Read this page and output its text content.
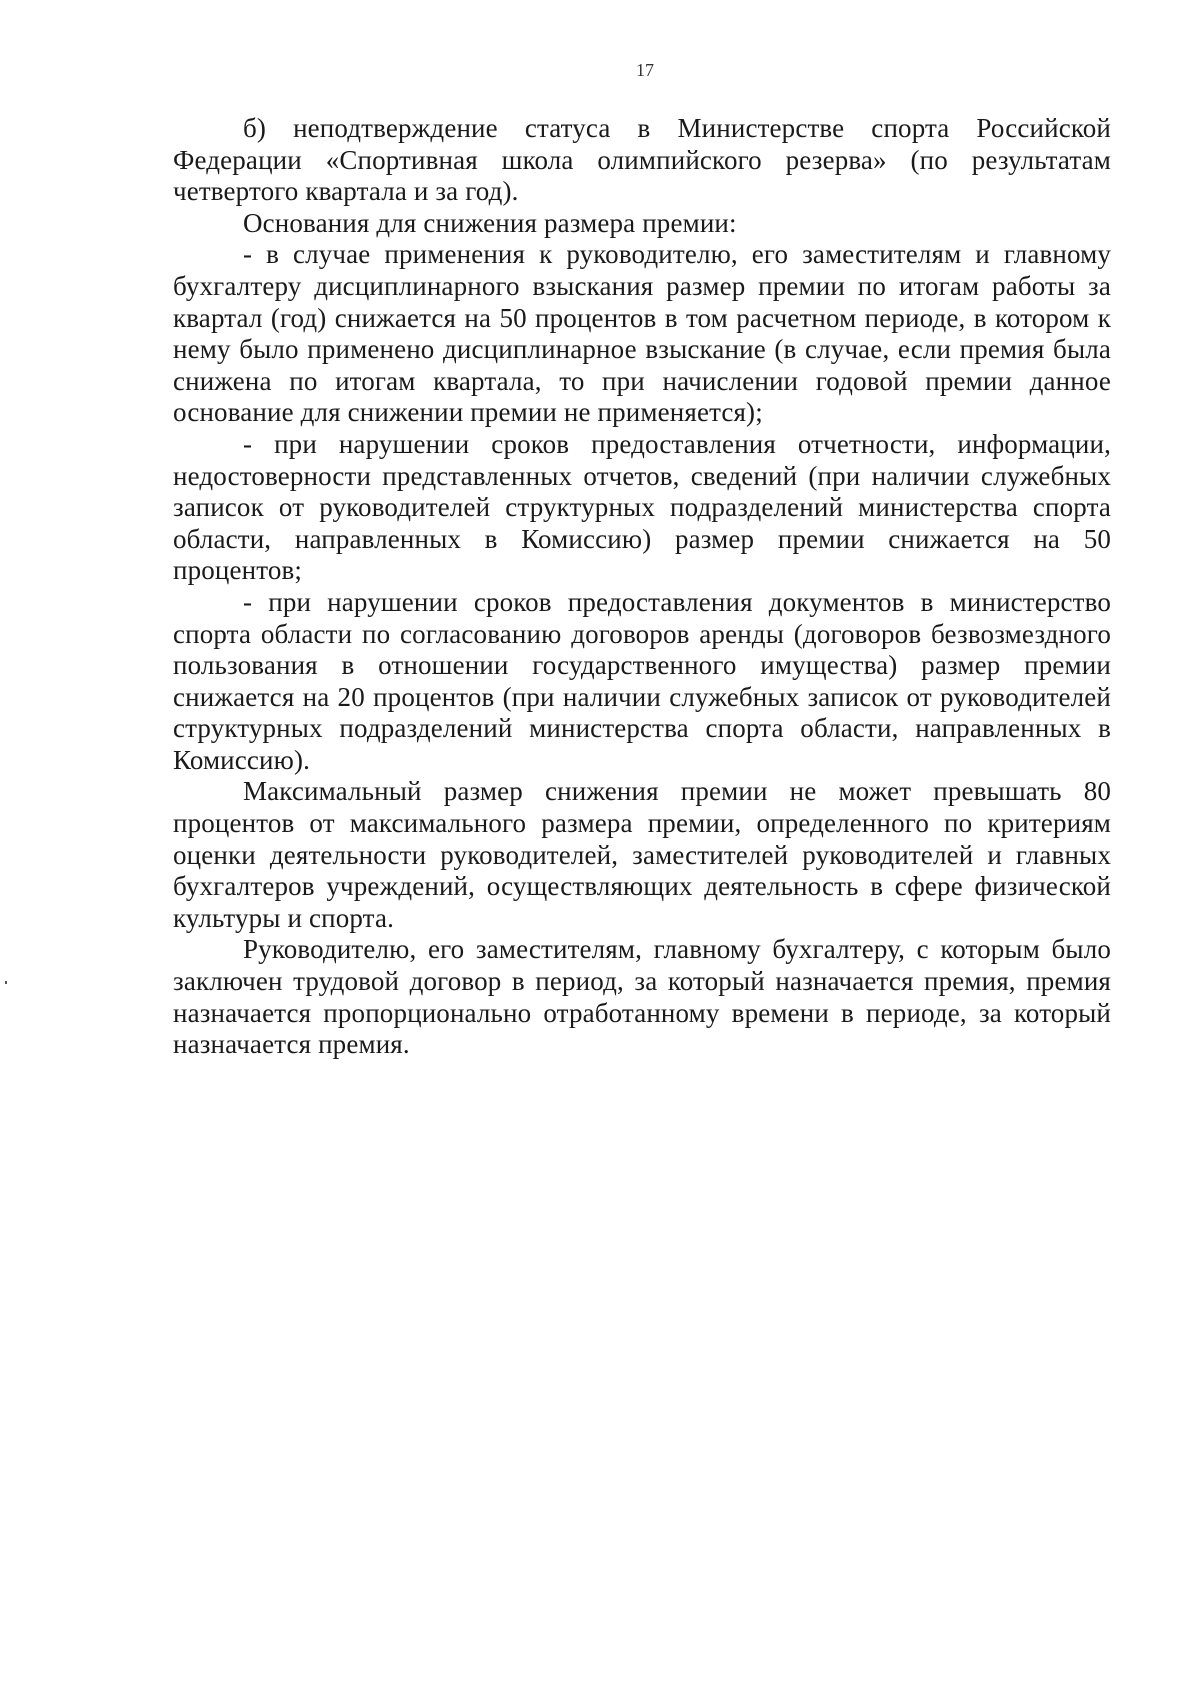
17

б) неподтверждение статуса в Министерстве спорта Российской Федерации «Спортивная школа олимпийского резерва» (по результатам четвертого квартала и за год).

Основания для снижения размера премии:

- в случае применения к руководителю, его заместителям и главному бухгалтеру дисциплинарного взыскания размер премии по итогам работы за квартал (год) снижается на 50 процентов в том расчетном периоде, в котором к нему было применено дисциплинарное взыскание (в случае, если премия была снижена по итогам квартала, то при начислении годовой премии данное основание для снижении премии не применяется);

- при нарушении сроков предоставления отчетности, информации, недостоверности представленных отчетов, сведений (при наличии служебных записок от руководителей структурных подразделений министерства спорта области, направленных в Комиссию) размер премии снижается на 50 процентов;

- при нарушении сроков предоставления документов в министерство спорта области по согласованию договоров аренды (договоров безвозмездного пользования в отношении государственного имущества) размер премии снижается на 20 процентов (при наличии служебных записок от руководителей структурных подразделений министерства спорта области, направленных в Комиссию).

Максимальный размер снижения премии не может превышать 80 процентов от максимального размера премии, определенного по критериям оценки деятельности руководителей, заместителей руководителей и главных бухгалтеров учреждений, осуществляющих деятельность в сфере физической культуры и спорта.

Руководителю, его заместителям, главному бухгалтеру, с которым было заключен трудовой договор в период, за который назначается премия, премия назначается пропорционально отработанному времени в периоде, за который назначается премия.
